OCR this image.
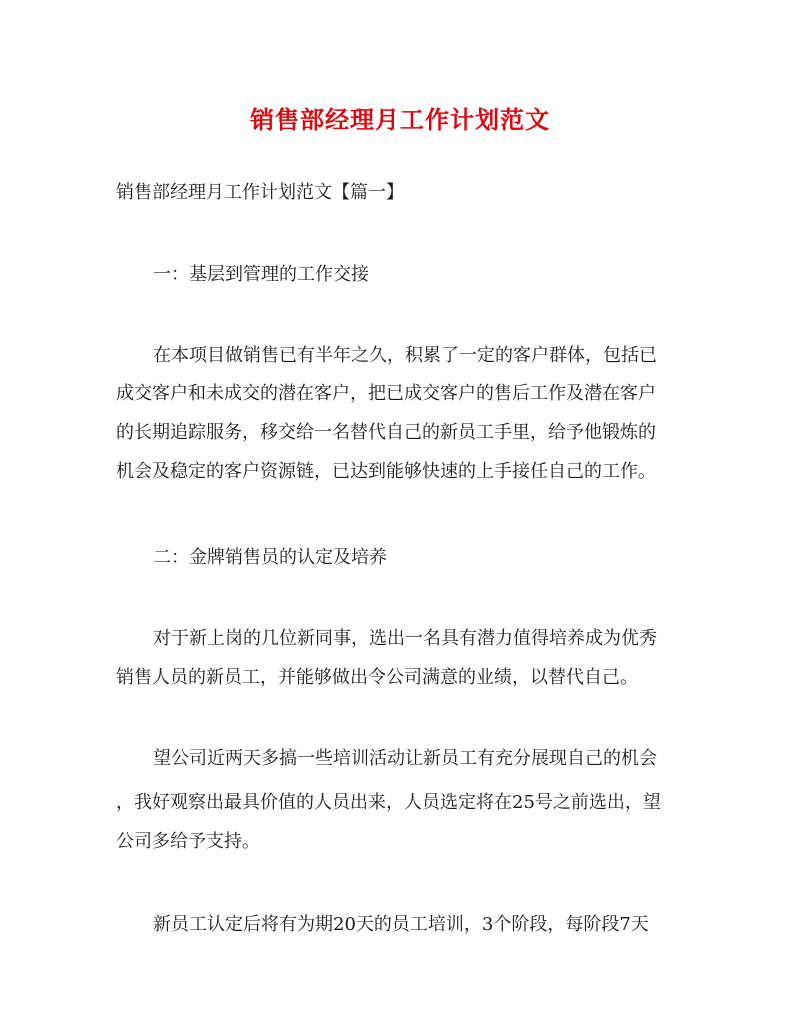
销售部经理月工作计划范文
销售部经理月工作计划范文【篇一】
一：基层到管理的工作交接
在本项目做销售已有半年之久，积累了一定的客户群体，包括已
成交客户和未成交的潜在客户，把已成交客户的售后工作及潜在客户
的长期追踪服务，移交给一名替代自己的新员工手里，给予他锻炼的
机会及稳定的客户资源链，已达到能够快速的上手接任自己的工作。
二：金牌销售员的认定及培养
对于新上岗的几位新同事，选出一名具有潜力值得培养成为优秀
销售人员的新员工，并能够做出令公司满意的业绩，以替代自己。
望公司近两天多搞一些培训活动让新员工有充分展现自己的机会
，我好观察出最具价值的人员出来，人员选定将在25号之前选出，望
公司多给予支持。
新员工认定后将有为期20天的员工培训，3个阶段，每阶段7天
